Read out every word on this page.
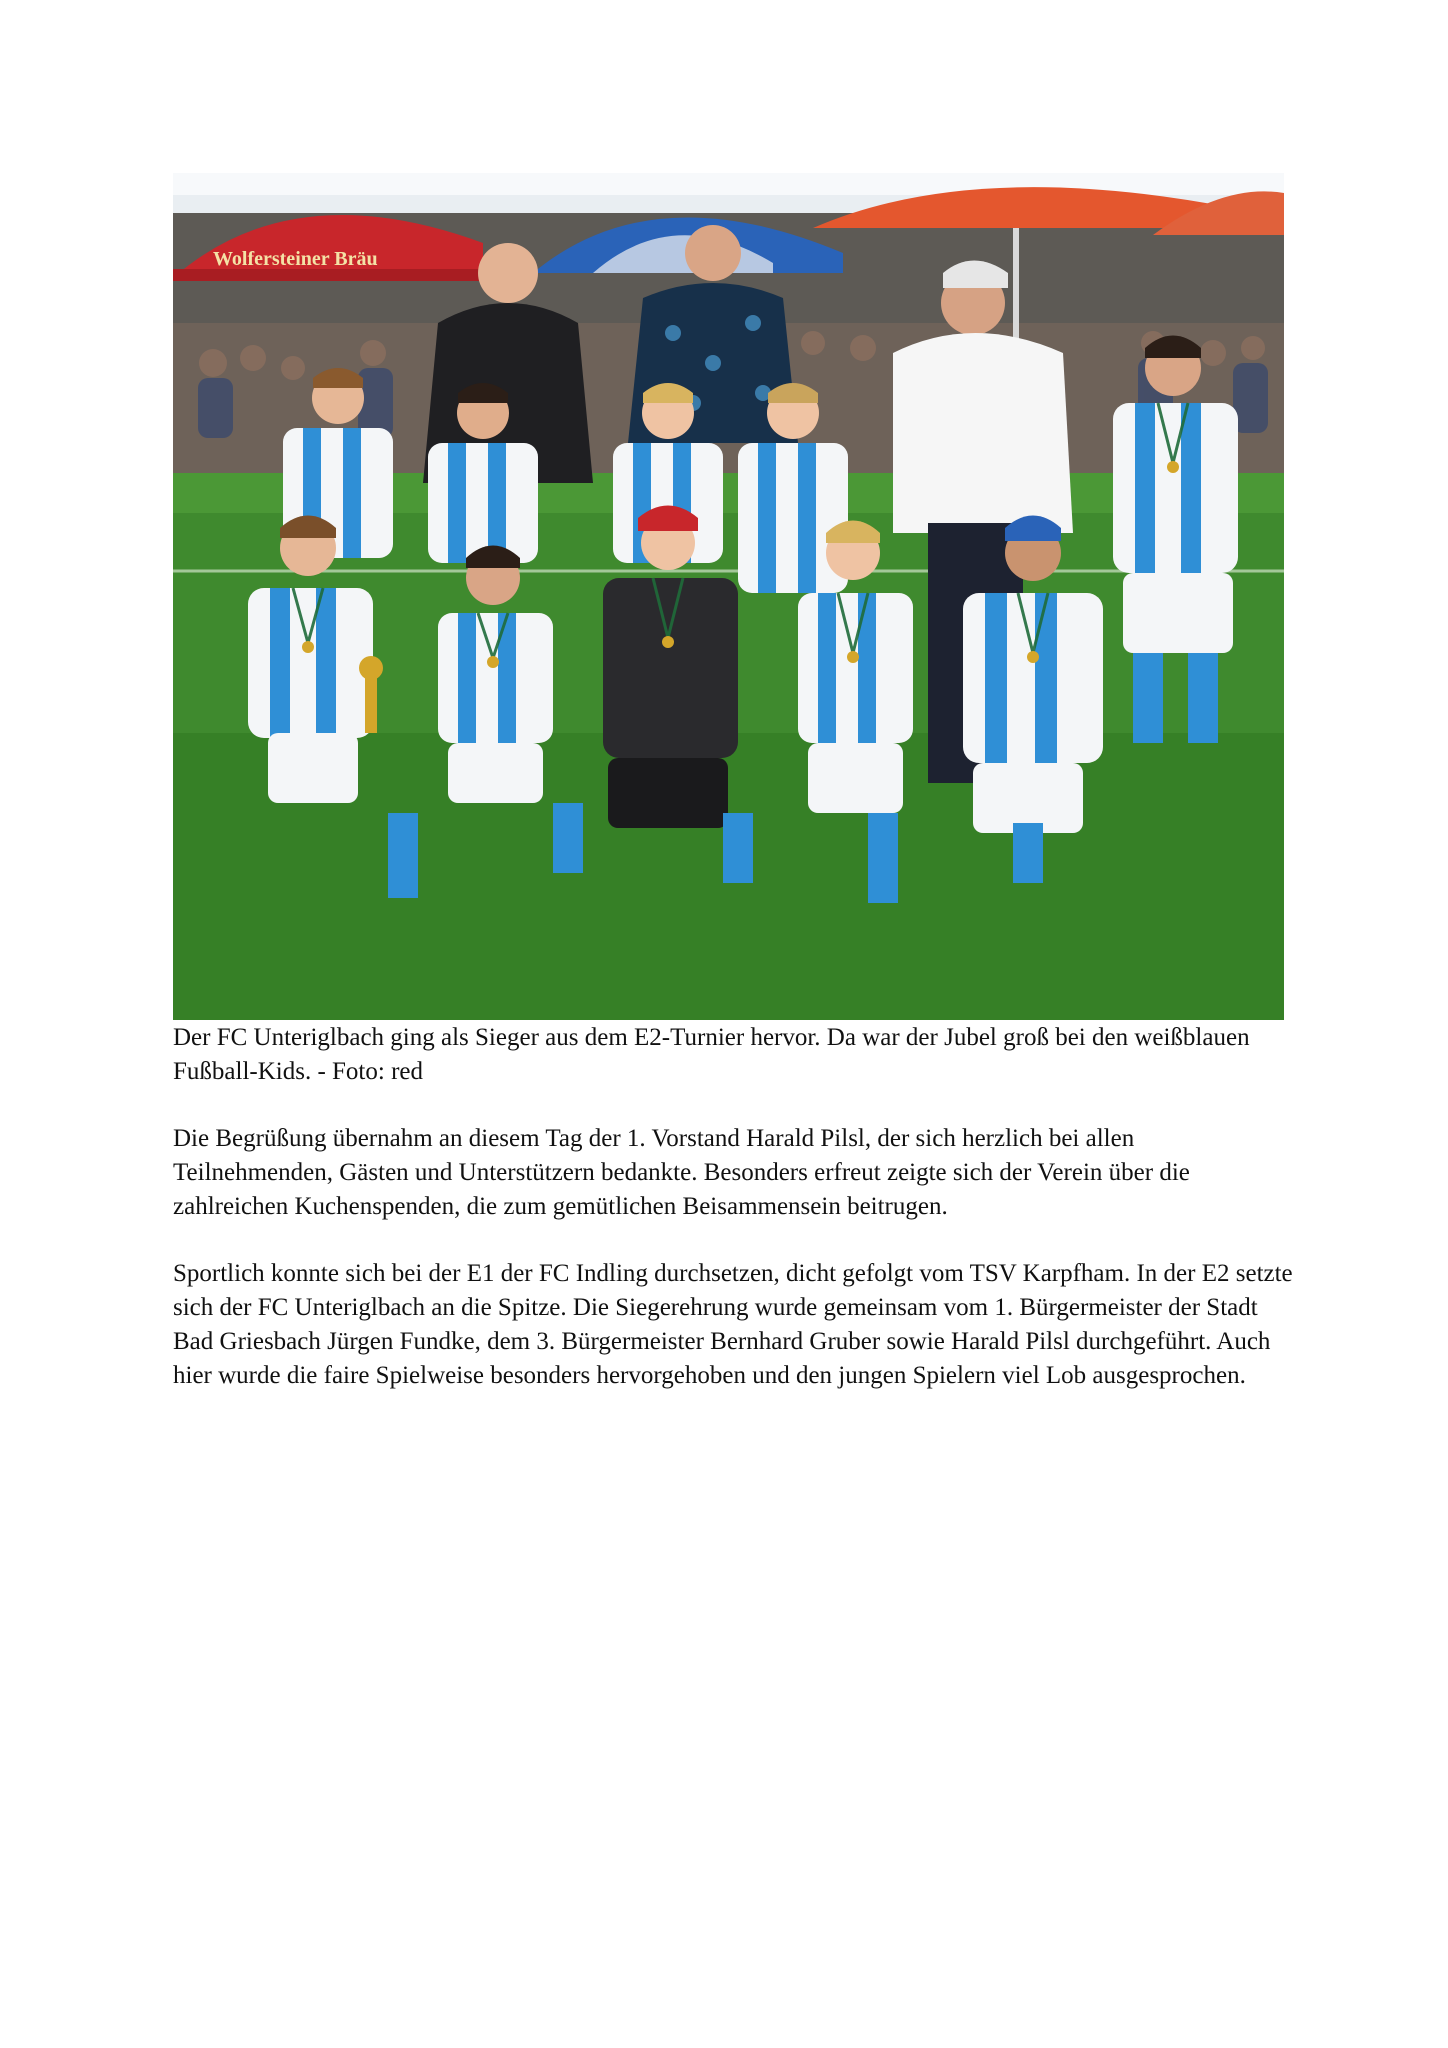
Wolfersteiner Bräu

Der FC Unteriglbach ging als Sieger aus dem E2-Turnier hervor. Da war der Jubel groß bei den weißblauen Fußball-Kids. - Foto: red

Die Begrüßung übernahm an diesem Tag der 1. Vorstand Harald Pilsl, der sich herzlich bei allen Teilnehmenden, Gästen und Unterstützern bedankte. Besonders erfreut zeigte sich der Verein über die zahlreichen Kuchenspenden, die zum gemütlichen Beisammensein beitrugen.

Sportlich konnte sich bei der E1 der FC Indling durchsetzen, dicht gefolgt vom TSV Karpfham. In der E2 setzte sich der FC Unteriglbach an die Spitze. Die Siegerehrung wurde gemeinsam vom 1. Bürgermeister der Stadt Bad Griesbach Jürgen Fundke, dem 3. Bürgermeister Bernhard Gruber sowie Harald Pilsl durchgeführt. Auch hier wurde die faire Spielweise besonders hervorgehoben und den jungen Spielern viel Lob ausgesprochen.
